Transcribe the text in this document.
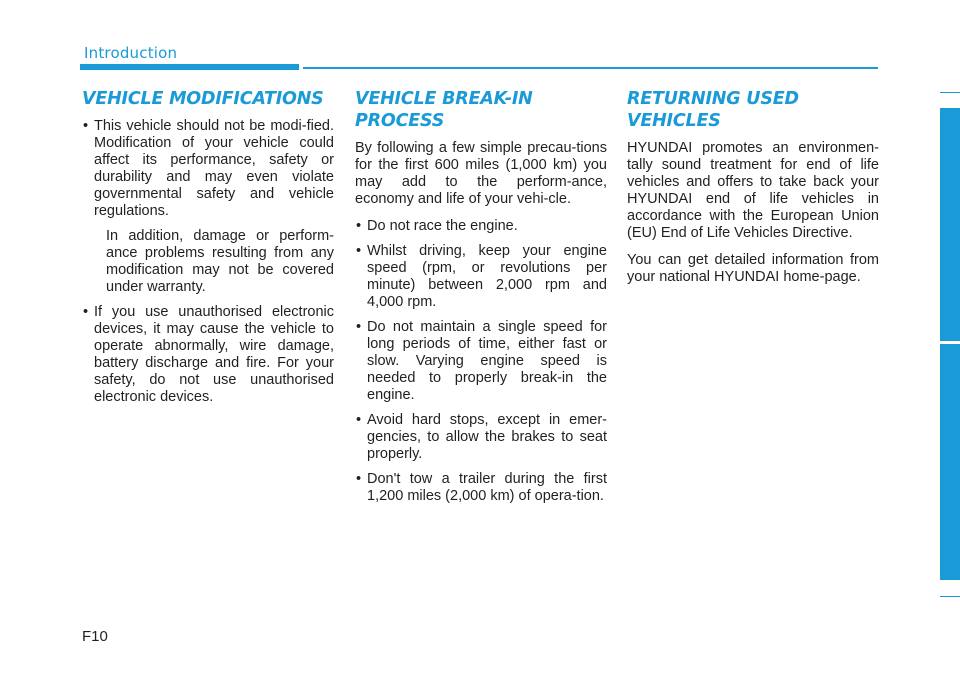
Introduction
VEHICLE MODIFICATIONS
• This vehicle should not be modi-fied. Modification of your vehicle could affect its performance, safety or durability and may even violate governmental safety and vehicle regulations.
In addition, damage or perform-ance problems resulting from any modification may not be covered under warranty.
• If you use unauthorised electronic devices, it may cause the vehicle to operate abnormally, wire damage, battery discharge and fire. For your safety, do not use unauthorised electronic devices.
VEHICLE BREAK-IN
PROCESS

By following a few simple precau-tions for the first 600 miles (1,000 km) you may add to the perform-ance, economy and life of your vehi-cle.

• Do not race the engine.
• Whilst driving, keep your engine speed (rpm, or revolutions per minute) between 2,000 rpm and 4,000 rpm.
• Do not maintain a single speed for long periods of time, either fast or slow. Varying engine speed is needed to properly break-in the engine.
• Avoid hard stops, except in emer-gencies, to allow the brakes to seat properly.
• Don't tow a trailer during the first 1,200 miles (2,000 km) of opera-tion.
RETURNING USED VEHICLES

HYUNDAI promotes an environmen-tally sound treatment for end of life vehicles and offers to take back your HYUNDAI end of life vehicles in accordance with the European Union (EU) End of Life Vehicles Directive.

You can get detailed information from your national HYUNDAI home-page.

F10
